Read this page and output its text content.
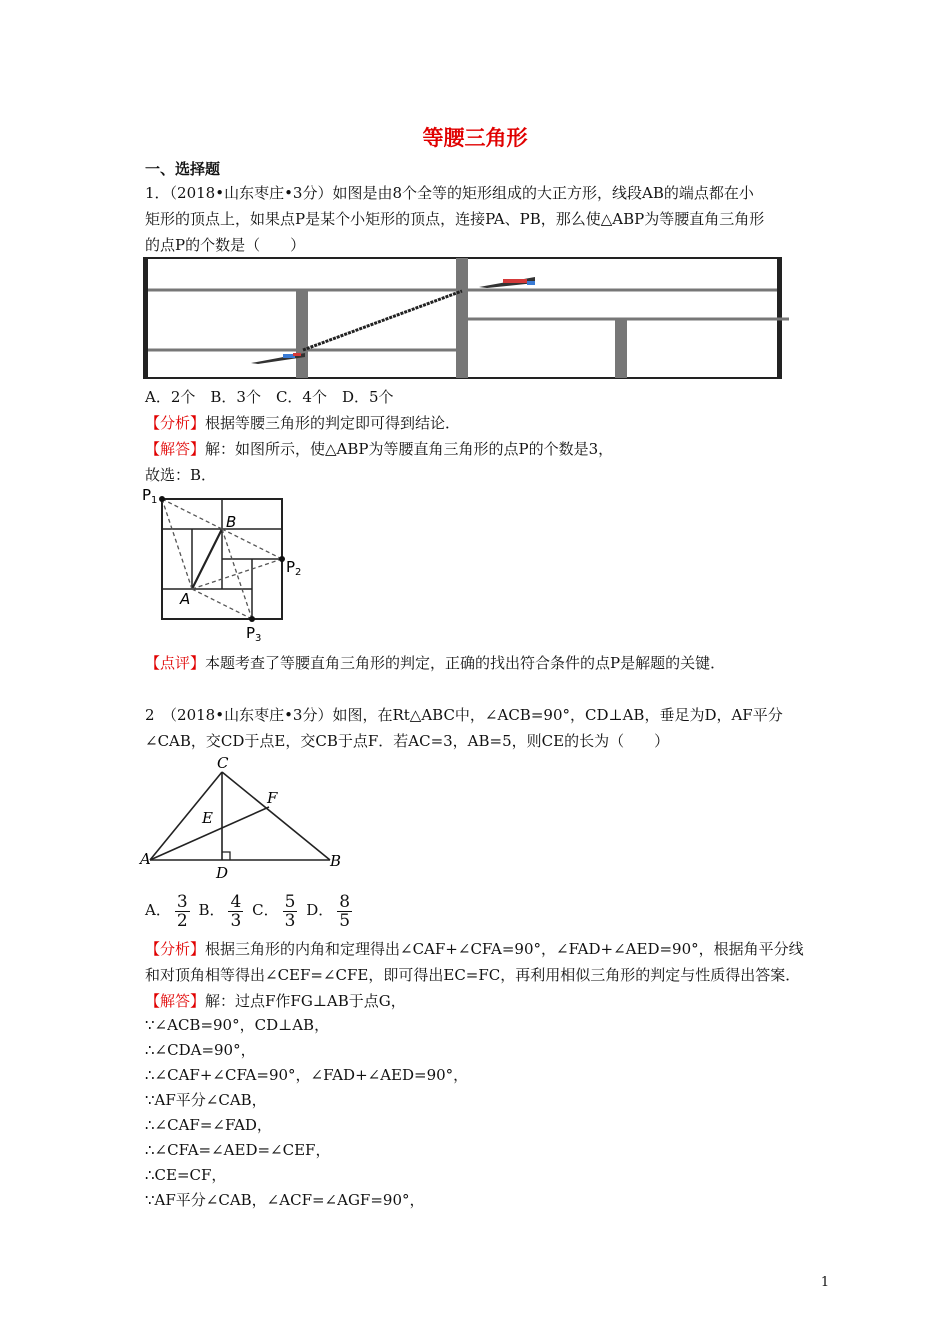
等腰三角形
一、选择题
1．（2018•山东枣庄•3分）如图是由8个全等的矩形组成的大正方形，线段AB的端点都在小
矩形的顶点上，如果点P是某个小矩形的顶点，连接PA、PB，那么使△ABP为等腰直角三角形
的点P的个数是（　　）
A．2个　B．3个　C．4个　D．5个
【分析】根据等腰三角形的判定即可得到结论．
【解答】解：如图所示，使△ABP为等腰直角三角形的点P的个数是3，
故选：B．
$P_1$
$P_2$
$P_3$
B
A
【点评】本题考查了等腰直角三角形的判定，正确的找出符合条件的点P是解题的关键．
2　（2018•山东枣庄•3分）如图，在Rt△ABC中，∠ACB=90°，CD⊥AB，垂足为D，AF平分
∠CAB，交CD于点E，交CB于点F．若AC=3，AB=5，则CE的长为（　　）
C
F
E
A
D
B
A． $\frac{3}{2}$ B． $\frac{4}{3}$ C． $\frac{5}{3}$ D． $\frac{8}{5}$
【分析】根据三角形的内角和定理得出∠CAF+∠CFA=90°，∠FAD+∠AED=90°，根据角平分线
和对顶角相等得出∠CEF=∠CFE，即可得出EC=FC，再利用相似三角形的判定与性质得出答案．
【解答】解：过点F作FG⊥AB于点G，
∵∠ACB=90°，CD⊥AB，
∴∠CDA=90°，
∴∠CAF+∠CFA=90°，∠FAD+∠AED=90°，
∵AF平分∠CAB，
∴∠CAF=∠FAD，
∴∠CFA=∠AED=∠CEF，
∴CE=CF，
∵AF平分∠CAB，∠ACF=∠AGF=90°，
1
